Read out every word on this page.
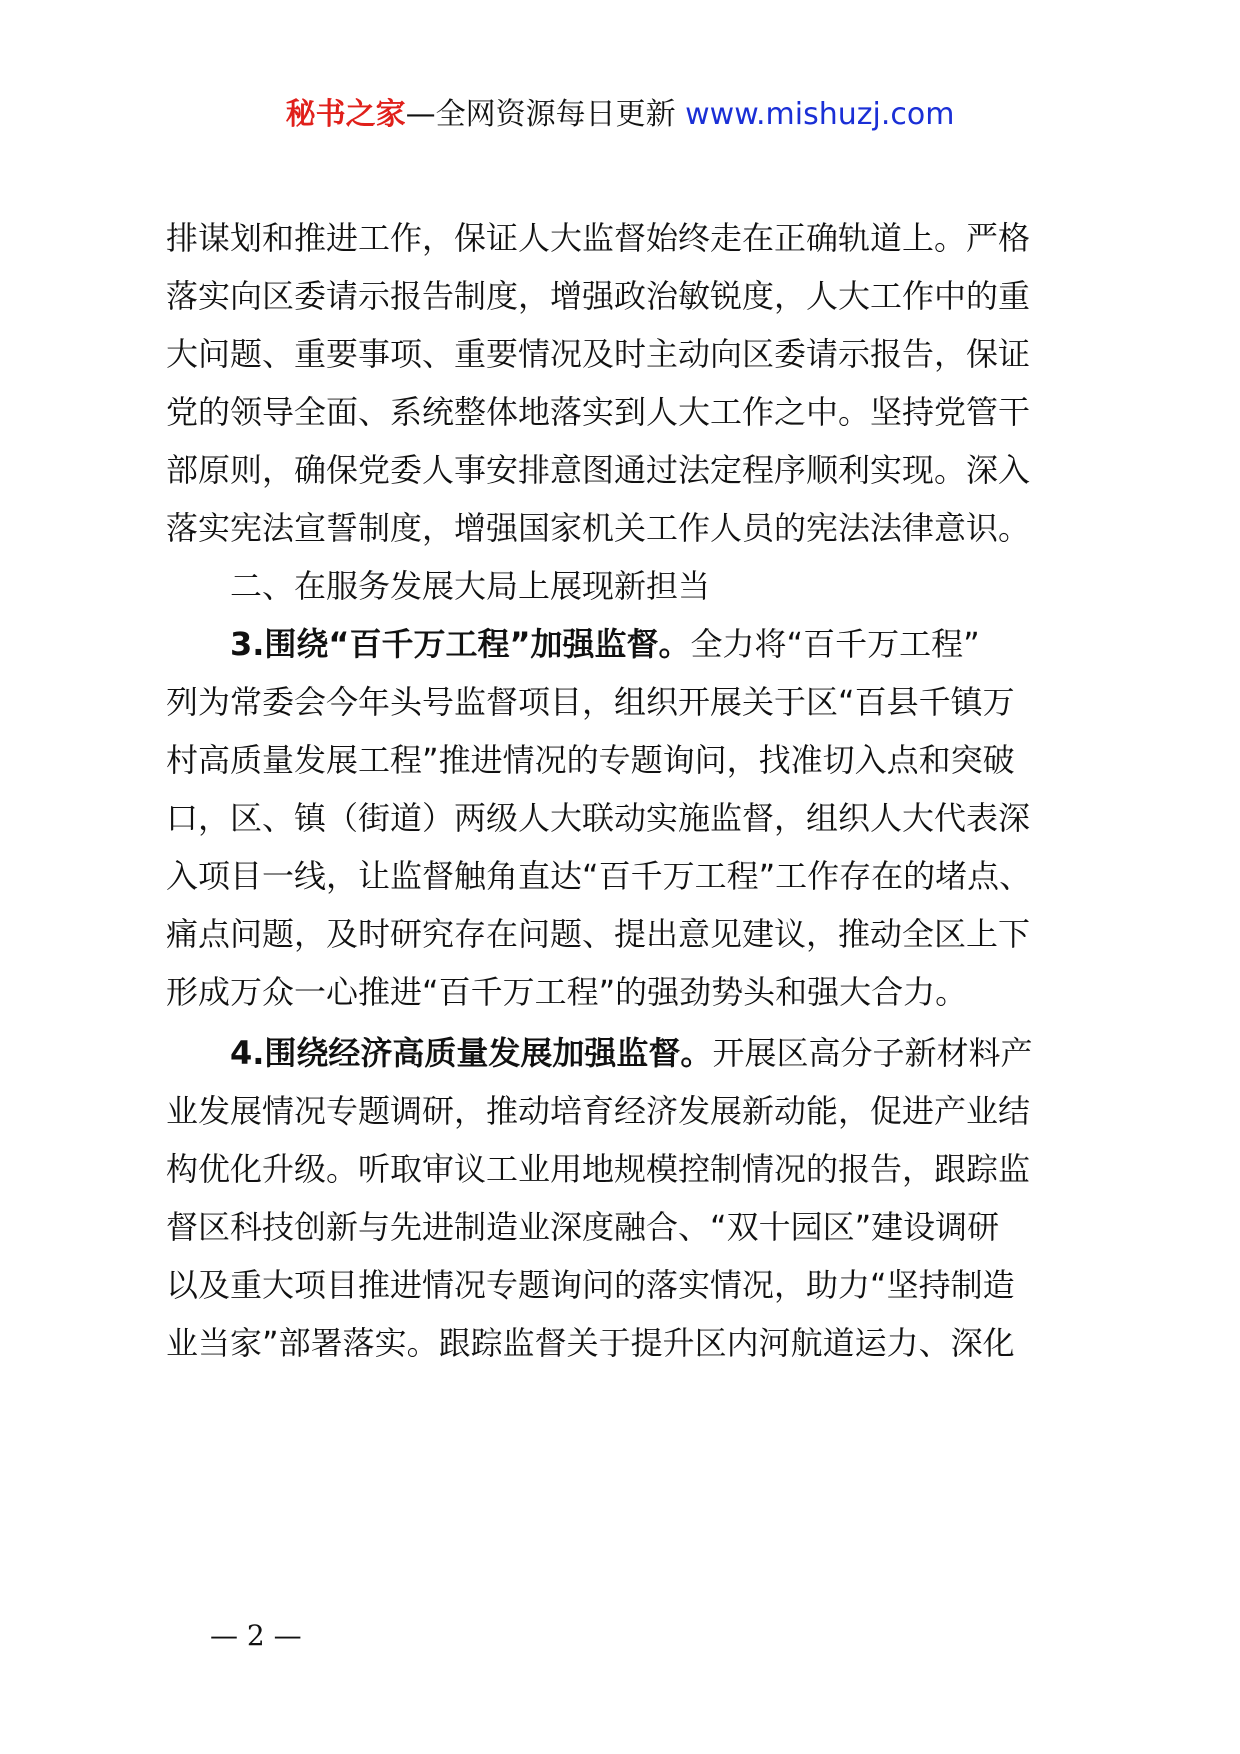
秘书之家—全网资源每日更新 www.mishuzj.com
排谋划和推进工作，保证人大监督始终走在正确轨道上。严格
落实向区委请示报告制度，增强政治敏锐度，人大工作中的重
大问题、重要事项、重要情况及时主动向区委请示报告，保证
党的领导全面、系统整体地落实到人大工作之中。坚持党管干
部原则，确保党委人事安排意图通过法定程序顺利实现。深入
落实宪法宣誓制度，增强国家机关工作人员的宪法法律意识。
二、在服务发展大局上展现新担当
3.围绕“百千万工程”加强监督。全力将“百千万工程”
列为常委会今年头号监督项目，组织开展关于区“百县千镇万
村高质量发展工程”推进情况的专题询问，找准切入点和突破
口，区、镇（街道）两级人大联动实施监督，组织人大代表深
入项目一线，让监督触角直达“百千万工程”工作存在的堵点、
痛点问题，及时研究存在问题、提出意见建议，推动全区上下
形成万众一心推进“百千万工程”的强劲势头和强大合力。
4.围绕经济高质量发展加强监督。开展区高分子新材料产
业发展情况专题调研，推动培育经济发展新动能，促进产业结
构优化升级。听取审议工业用地规模控制情况的报告，跟踪监
督区科技创新与先进制造业深度融合、“双十园区”建设调研
以及重大项目推进情况专题询问的落实情况，助力“坚持制造
业当家”部署落实。跟踪监督关于提升区内河航道运力、深化
— 2 —
